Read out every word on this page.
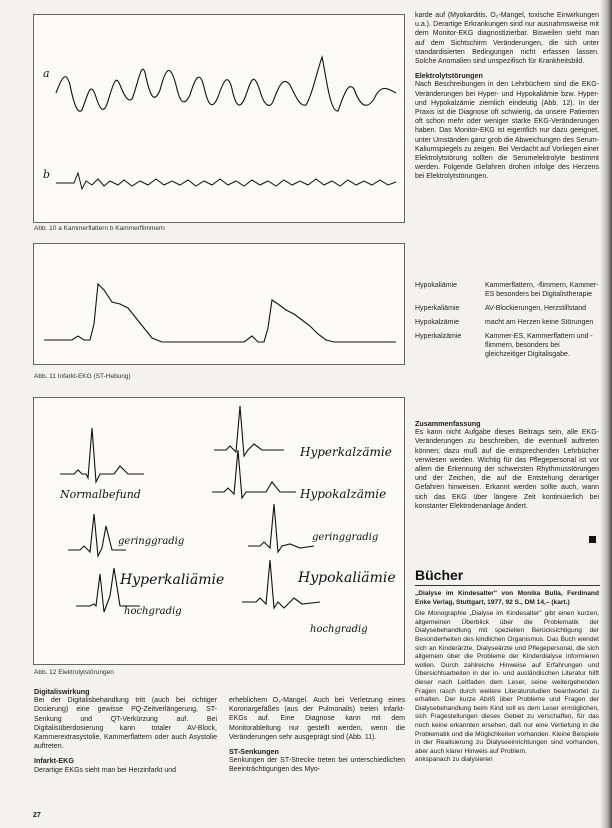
a
b
Abb. 10 a Kammerflattern b Kammerflimmern
Abb. 11 Infarkt-EKG (ST-Hebung)
Normalbefund
Hyperkalzämie
Hypokalzämie
geringgradig
Hyperkaliämie
hochgradig
geringgradig
Hypokaliämie
hochgradig
Abb. 12 Elektrolytstörungen

Digitaliswirkung

Bei der Digitalisbehandlung tritt (auch bei richtiger Dosierung) eine gewisse PQ-Zeitverlängerung, ST-Senkung und QT-Verkürzung auf. Bei Digitalisüberdosierung kann totaler AV-Block, Kammerextrasystolie, Kammerflattern oder auch Asystolie auftreten.

Infarkt-EKG

Derartige EKGs sieht man bei Herzinfarkt und

erheblichem O₂-Mangel. Auch bei Verletzung eines Koronargefäßes (aus der Pulmonalis) treten Infarkt-EKGs auf. Eine Diagnose kann mit dem Monitorableitung nur gestellt werden, wenn die Veränderungen sehr ausgeprägt sind (Abb. 11).

ST-Senkungen

Senkungen der ST-Strecke treten bei unterschiedlichen Beeinträchtigungen des Myo-

27

karde auf (Myokarditis, O₂-Mangel, toxische Einwirkungen u.a.). Derartige Erkrankungen sind nur ausnahmsweise mit dem Monitor-EKG diagnostizierbar. Bisweilen sieht man auf dem Sichtschirm Veränderungen, die sich unter standardisierten Bedingungen nicht erfassen lassen. Solche Anomalien sind unspezifisch für Krankheitsbild.

Elektrolytstörungen

Nach Beschreibungen in den Lehrbüchern sind die EKG-Veränderungen bei Hyper- und Hypokaliämie bzw. Hyper- und Hypokalzämie ziemlich eindeutig (Abb. 12). In der Praxis ist die Diagnose oft schwierig, da unsere Patienten oft schon mehr oder weniger starke EKG-Veränderungen haben. Das Monitor-EKG ist eigentlich nur dazu geeignet, unter Umständen ganz grob die Abweichungen des Serum-Kaliumspiegels zu zeigen. Bei Verdacht auf Vorliegen einer Elektrolytstörung sollten die Serumelektrolyte bestimmt werden. Folgende Gefahren drohen infolge des Herzens bei Elektrolytstörungen.

Hypokaliämie	Kammerflattern, -flimmern, Kammer-ES besonders bei Digitalistherapie
Hyperkaliämie	AV-Blockierungen, Herzstillstand
Hypokalzämie	macht am Herzen keine Störungen
Hyperkalzämie	Kammer-ES, Kammerflattern und -flimmern, besonders bei gleichzeitiger Digitalisgabe.

Zusammenfassung

Es kann nicht Aufgabe dieses Beitrags sein, alle EKG-Veränderungen zu beschreiben, die eventuell auftreten können; dazu muß auf die entsprechenden Lehrbücher verwiesen werden. Wichtig für das Pflegepersonal ist vor allem die Erkennung der schwersten Rhythmusstörungen und der Zeichen, die auf die Entstehung derartiger Gefahren hinweisen. Erkannt werden sollte auch, wann sich das EKG über längere Zeit kontinuierlich bei konstanter Elektrodenanlage ändert.

Bücher

„Dialyse im Kindesalter" von Monika Bulla, Ferdinand Enke Verlag, Stuttgart, 1977, 92 S., DM 14,– (kart.)

Die Monographie „Dialyse im Kindesalter" gibt einen kurzen, allgemeinen Überblick über die Problematik der Dialysebehandlung mit speziellen Berücksichtigung der Besonderheiten des kindlichen Organismus. Das Buch wendet sich an Kinderärzte, Dialyseärzte und Pflegepersonal, die sich allgemein über die Probleme der Kinderdialyse informieren wollen. Durch zahlreiche Hinweise auf Erfahrungen und Übersichtsarbeiten in der in- und ausländischen Literatur hilft dieser nach Leitfaden dem Leser, seine weitergehenden Fragen rasch durch weitere Literaturstudien beantwortet zu erhalten. Der kurze Abriß über Probleme und Fragen der Dialysebehandlung beim Kind soll es dem Leser ermöglichen, sich Fragestellungen dieses Gebiet zu verschaffen, für das noch keine erkannten ersehen, daß nur eine Vertiefung in die Problematik und die Möglichkeiten vorhanden. Kleine Beispiele in der Realisierung zu Dialyseeinrichtungen sind vorhanden, aber auch klarer Hinweis auf Problem.

ankspanach zu dialysieren
